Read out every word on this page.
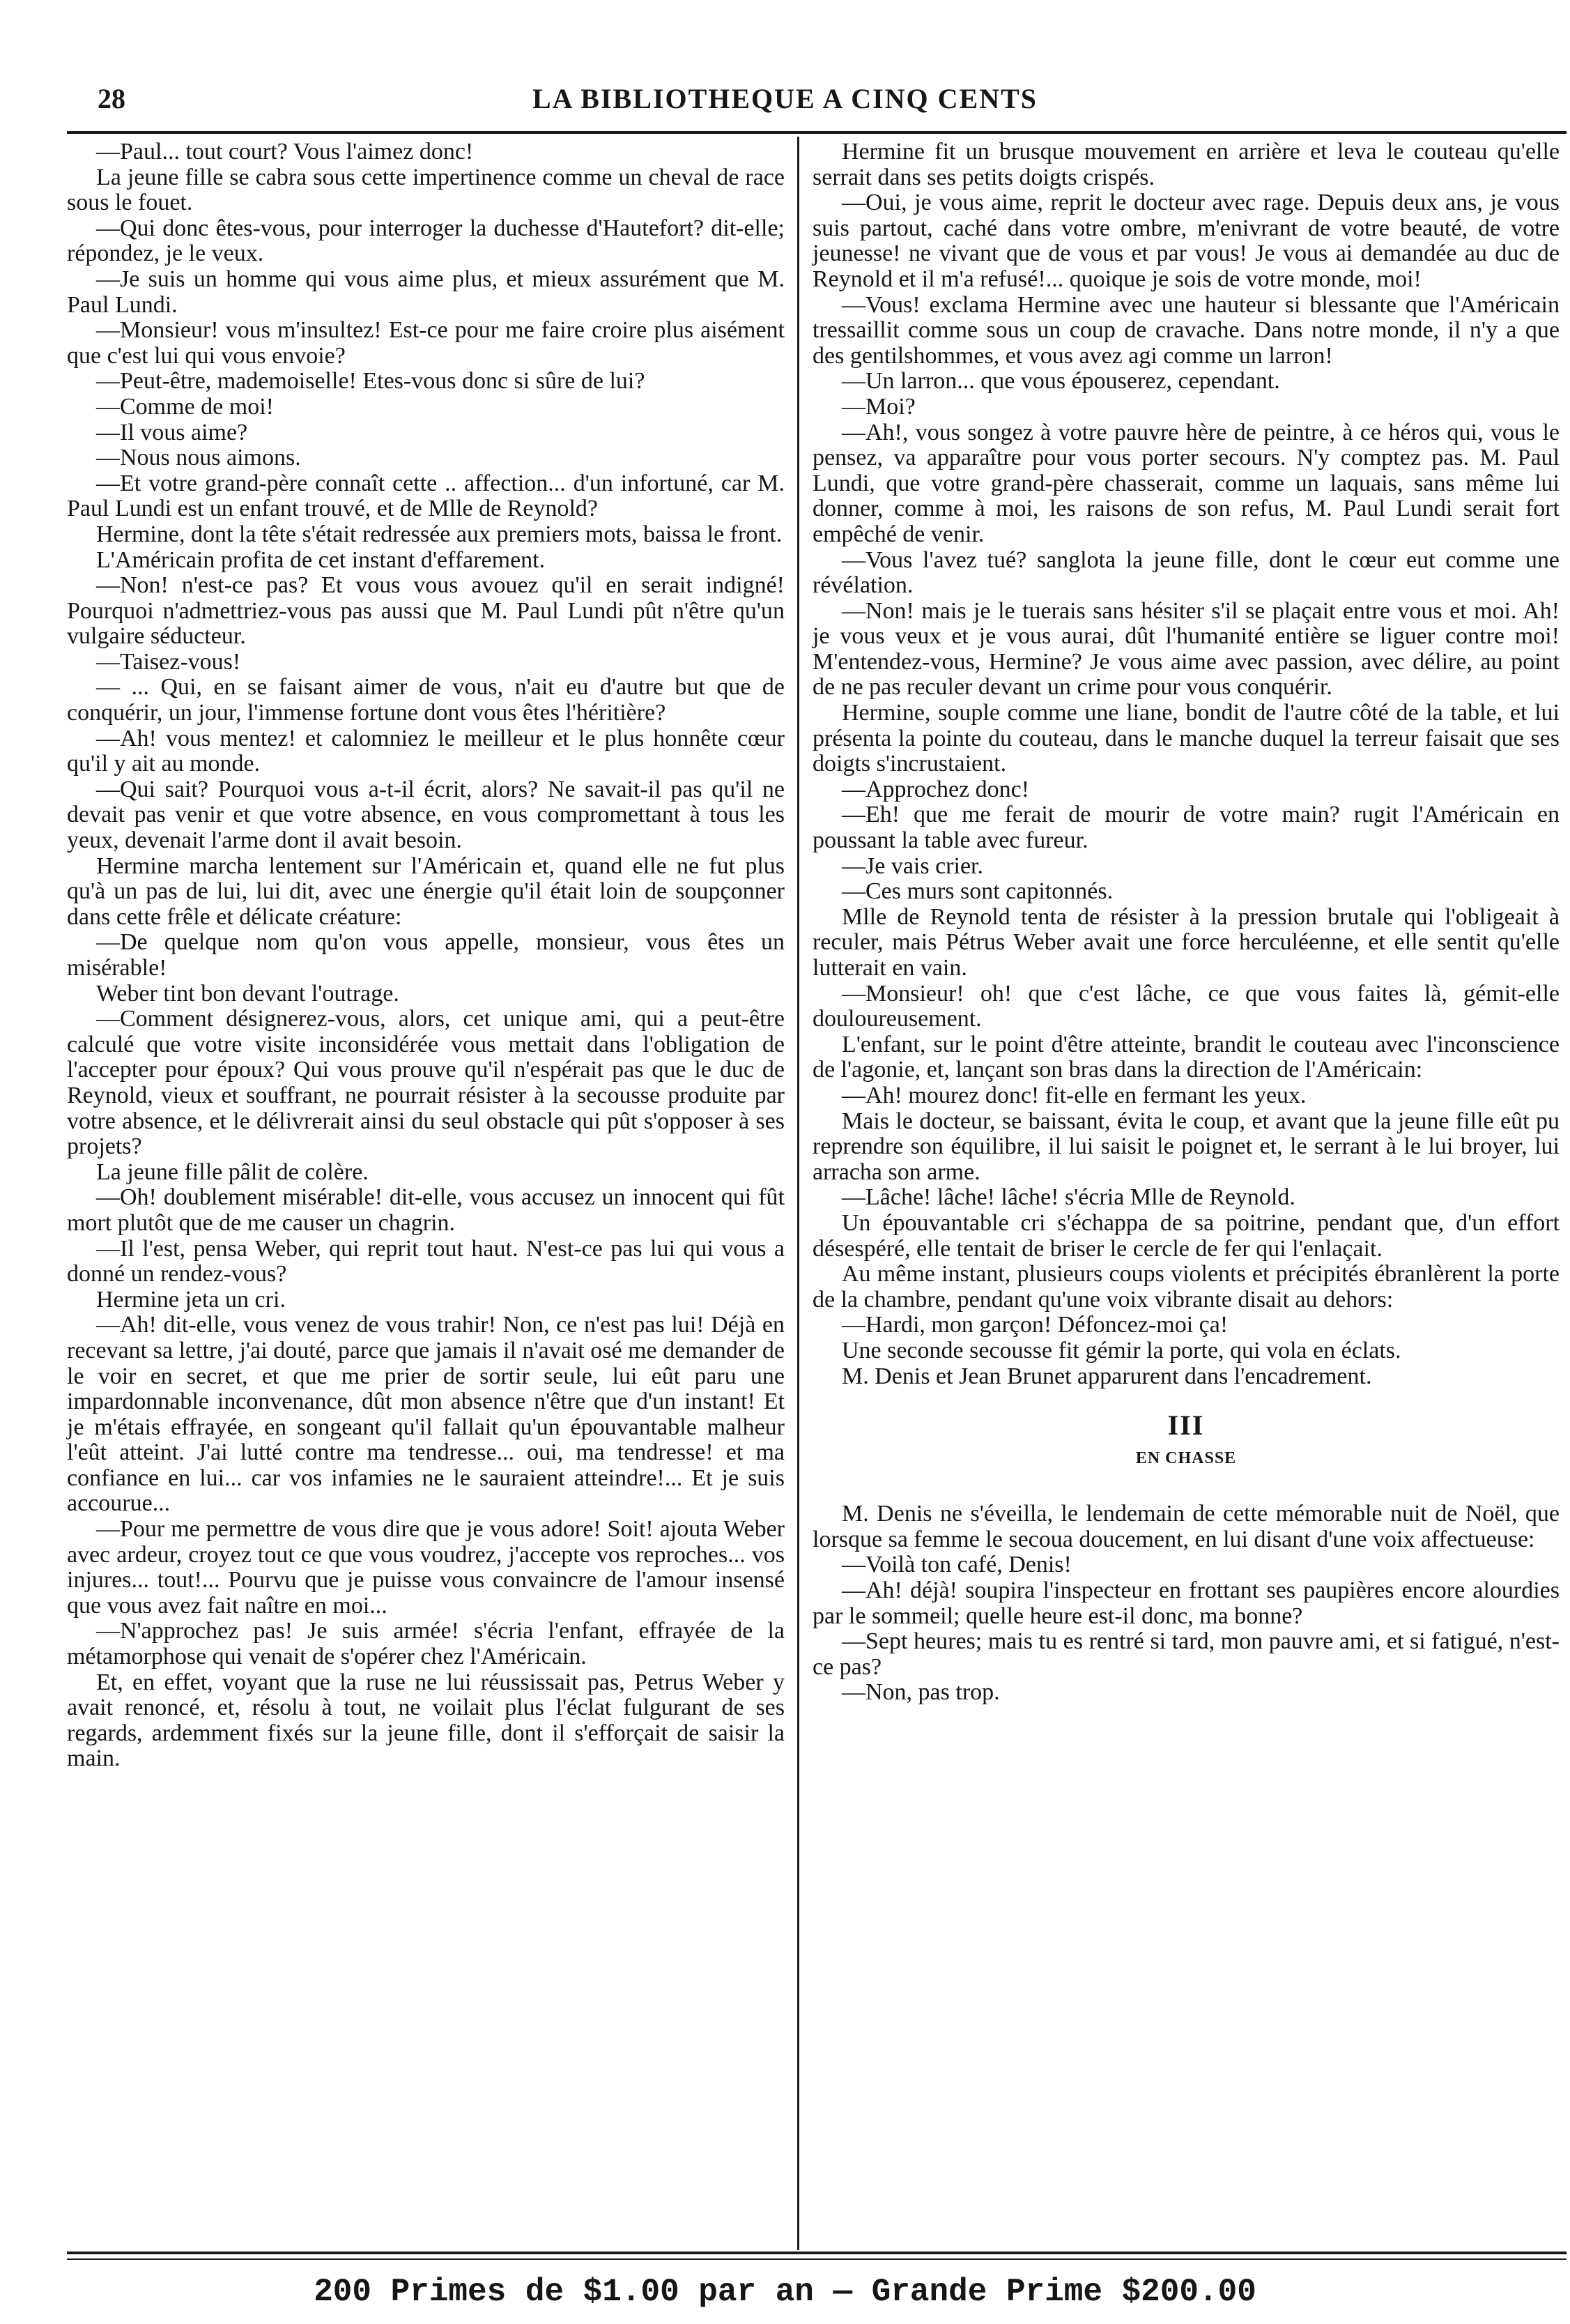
28	LA BIBLIOTHEQUE A CINQ CENTS

—Paul... tout court? Vous l'aimez donc!

La jeune fille se cabra sous cette impertinence comme un cheval de race sous le fouet.

—Qui donc êtes-vous, pour interroger la duchesse d'Hautefort? dit-elle; répondez, je le veux.

—Je suis un homme qui vous aime plus, et mieux assurément que M. Paul Lundi.

—Monsieur! vous m'insultez! Est-ce pour me faire croire plus aisément que c'est lui qui vous envoie?

—Peut-être, mademoiselle! Etes-vous donc si sûre de lui?

—Comme de moi!

—Il vous aime?

—Nous nous aimons.

—Et votre grand-père connaît cette .. affection... d'un infortuné, car M. Paul Lundi est un enfant trouvé, et de Mlle de Reynold?

Hermine, dont la tête s'était redressée aux premiers mots, baissa le front.

L'Américain profita de cet instant d'effarement.

—Non! n'est-ce pas? Et vous vous avouez qu'il en serait indigné! Pourquoi n'admettriez-vous pas aussi que M. Paul Lundi pût n'être qu'un vulgaire séducteur.

—Taisez-vous!

— ... Qui, en se faisant aimer de vous, n'ait eu d'autre but que de conquérir, un jour, l'immense fortune dont vous êtes l'héritière?

—Ah! vous mentez! et calomniez le meilleur et le plus honnête cœur qu'il y ait au monde.

—Qui sait? Pourquoi vous a-t-il écrit, alors? Ne savait-il pas qu'il ne devait pas venir et que votre absence, en vous compromettant à tous les yeux, devenait l'arme dont il avait besoin.

Hermine marcha lentement sur l'Américain et, quand elle ne fut plus qu'à un pas de lui, lui dit, avec une énergie qu'il était loin de soupçonner dans cette frêle et délicate créature:

—De quelque nom qu'on vous appelle, monsieur, vous êtes un misérable!

Weber tint bon devant l'outrage.

—Comment désignerez-vous, alors, cet unique ami, qui a peut-être calculé que votre visite inconsidérée vous mettait dans l'obligation de l'accepter pour époux? Qui vous prouve qu'il n'espérait pas que le duc de Reynold, vieux et souffrant, ne pourrait résister à la secousse produite par votre absence, et le délivrerait ainsi du seul obstacle qui pût s'opposer à ses projets?

La jeune fille pâlit de colère.

—Oh! doublement misérable! dit-elle, vous accusez un innocent qui fût mort plutôt que de me causer un chagrin.

—Il l'est, pensa Weber, qui reprit tout haut. N'est-ce pas lui qui vous a donné un rendez-vous?

Hermine jeta un cri.

—Ah! dit-elle, vous venez de vous trahir! Non, ce n'est pas lui! Déjà en recevant sa lettre, j'ai douté, parce que jamais il n'avait osé me demander de le voir en secret, et que me prier de sortir seule, lui eût paru une impardonnable inconvenance, dût mon absence n'être que d'un instant! Et je m'étais effrayée, en songeant qu'il fallait qu'un épouvantable malheur l'eût atteint. J'ai lutté contre ma tendresse... oui, ma tendresse! et ma confiance en lui... car vos infamies ne le sauraient atteindre!... Et je suis accourue...

—Pour me permettre de vous dire que je vous adore! Soit! ajouta Weber avec ardeur, croyez tout ce que vous voudrez, j'accepte vos reproches... vos injures... tout!... Pourvu que je puisse vous convaincre de l'amour insensé que vous avez fait naître en moi...

—N'approchez pas! Je suis armée! s'écria l'enfant, effrayée de la métamorphose qui venait de s'opérer chez l'Américain.

Et, en effet, voyant que la ruse ne lui réussissait pas, Petrus Weber y avait renoncé, et, résolu à tout, ne voilait plus l'éclat fulgurant de ses regards, ardemment fixés sur la jeune fille, dont il s'efforçait de saisir la main.

Hermine fit un brusque mouvement en arrière et leva le couteau qu'elle serrait dans ses petits doigts crispés.

—Oui, je vous aime, reprit le docteur avec rage. Depuis deux ans, je vous suis partout, caché dans votre ombre, m'enivrant de votre beauté, de votre jeunesse! ne vivant que de vous et par vous! Je vous ai demandée au duc de Reynold et il m'a refusé!... quoique je sois de votre monde, moi!

—Vous! exclama Hermine avec une hauteur si blessante que l'Américain tressaillit comme sous un coup de cravache. Dans notre monde, il n'y a que des gentilshommes, et vous avez agi comme un larron!

—Un larron... que vous épouserez, cependant.

—Moi?

—Ah!, vous songez à votre pauvre hère de peintre, à ce héros qui, vous le pensez, va apparaître pour vous porter secours. N'y comptez pas. M. Paul Lundi, que votre grand-père chasserait, comme un laquais, sans même lui donner, comme à moi, les raisons de son refus, M. Paul Lundi serait fort empêché de venir.

—Vous l'avez tué? sanglota la jeune fille, dont le cœur eut comme une révélation.

—Non! mais je le tuerais sans hésiter s'il se plaçait entre vous et moi. Ah! je vous veux et je vous aurai, dût l'humanité entière se liguer contre moi! M'entendez-vous, Hermine? Je vous aime avec passion, avec délire, au point de ne pas reculer devant un crime pour vous conquérir.

Hermine, souple comme une liane, bondit de l'autre côté de la table, et lui présenta la pointe du couteau, dans le manche duquel la terreur faisait que ses doigts s'incrustaient.

—Approchez donc!

—Eh! que me ferait de mourir de votre main? rugit l'Américain en poussant la table avec fureur.

—Je vais crier.

—Ces murs sont capitonnés.

Mlle de Reynold tenta de résister à la pression brutale qui l'obligeait à reculer, mais Pétrus Weber avait une force herculéenne, et elle sentit qu'elle lutterait en vain.

—Monsieur! oh! que c'est lâche, ce que vous faites là, gémit-elle douloureusement.

L'enfant, sur le point d'être atteinte, brandit le couteau avec l'inconscience de l'agonie, et, lançant son bras dans la direction de l'Américain:

—Ah! mourez donc! fit-elle en fermant les yeux.

Mais le docteur, se baissant, évita le coup, et avant que la jeune fille eût pu reprendre son équilibre, il lui saisit le poignet et, le serrant à le lui broyer, lui arracha son arme.

—Lâche! lâche! lâche! s'écria Mlle de Reynold.

Un épouvantable cri s'échappa de sa poitrine, pendant que, d'un effort désespéré, elle tentait de briser le cercle de fer qui l'enlaçait.

Au même instant, plusieurs coups violents et précipités ébranlèrent la porte de la chambre, pendant qu'une voix vibrante disait au dehors:

—Hardi, mon garçon! Défoncez-moi ça!

Une seconde secousse fit gémir la porte, qui vola en éclats.

M. Denis et Jean Brunet apparurent dans l'encadrement.

III
EN CHASSE

M. Denis ne s'éveilla, le lendemain de cette mémorable nuit de Noël, que lorsque sa femme le secoua doucement, en lui disant d'une voix affectueuse:

—Voilà ton café, Denis!

—Ah! déjà! soupira l'inspecteur en frottant ses paupières encore alourdies par le sommeil; quelle heure est-il donc, ma bonne?

—Sept heures; mais tu es rentré si tard, mon pauvre ami, et si fatigué, n'est-ce pas?

—Non, pas trop.

200 Primes de $1.00 par an — Grande Prime $200.00
